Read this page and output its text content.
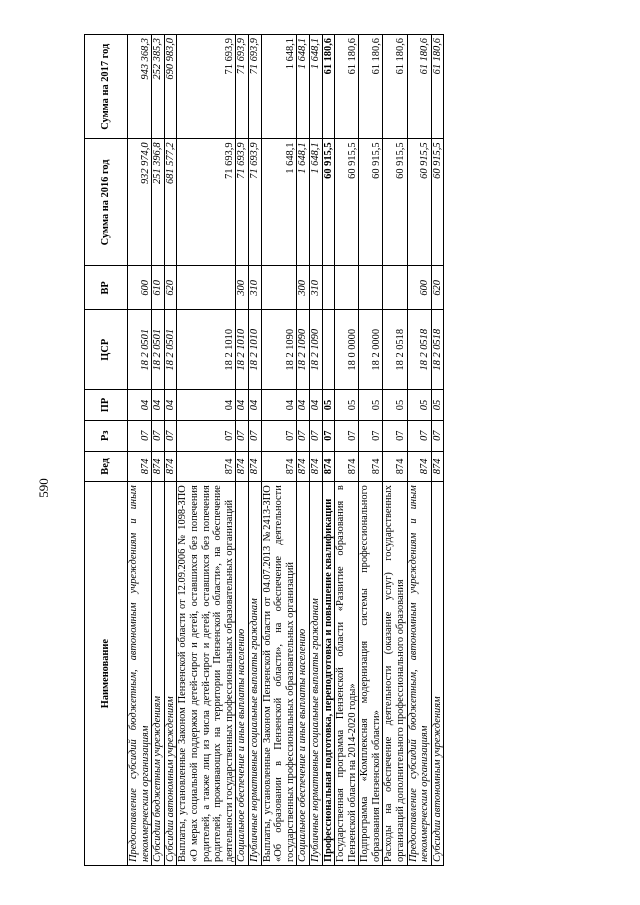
590
Наименование	Вед	Рз	ПР	ЦСР	ВР	Сумма на 2016 год	Сумма на 2017 год
Предоставление субсидий бюджетным, автономным учреждениям и иным некоммерческим организациям	874	07	04	18 2 0501	600	932 974,0	943 368,3
Субсидии бюджетным учреждениям	874	07	04	18 2 0501	610	251 396,8	252 385,3
Субсидии автономным учреждениям	874	07	04	18 2 0501	620	681 577,2	690 983,0
Выплаты, установленные Законом Пензенской области от 12.09.2006 № 1098-ЗПО «О мерах социальной поддержки детей-сирот и детей, оставшихся без попечения родителей, а также лиц из числа детей-сирот и детей, оставшихся без попечения родителей, проживающих на территории Пензенской области», на обеспечение деятельности государственных профессиональных образовательных организаций	874	07	04	18 2 1010		71 693,9	71 693,9
Социальное обеспечение и иные выплаты населению	874	07	04	18 2 1010	300	71 693,9	71 693,9
Публичные нормативные социальные выплаты гражданам	874	07	04	18 2 1010	310	71 693,9	71 693,9
Выплаты, установленные Законом Пензенской области от 04.07.2013 №2413-ЗПО «Об образовании в Пензенской области», на обеспечение деятельности государственных профессиональных образовательных организаций	874	07	04	18 2 1090		1 648,1	1 648,1
Социальное обеспечение и иные выплаты населению	874	07	04	18 2 1090	300	1 648,1	1 648,1
Публичные нормативные социальные выплаты гражданам	874	07	04	18 2 1090	310	1 648,1	1 648,1
Профессиональная подготовка, переподготовка и повышение квалификации	874	07	05			60 915,5	61 180,6
Государственная программа Пензенской области «Развитие образования в Пензенской области на 2014-2020 годы»	874	07	05	18 0 0000		60 915,5	61 180,6
Подпрограмма «Комплексная модернизация системы профессионального образования Пензенской области»	874	07	05	18 2 0000		60 915,5	61 180,6
Расходы на обеспечение деятельности (оказание услуг) государственных организаций дополнительного профессионального образования	874	07	05	18 2 0518		60 915,5	61 180,6
Предоставление субсидий бюджетным, автономным учреждениям и иным некоммерческим организациям	874	07	05	18 2 0518	600	60 915,5	61 180,6
Субсидии автономным учреждениям	874	07	05	18 2 0518	620	60 915,5	61 180,6
